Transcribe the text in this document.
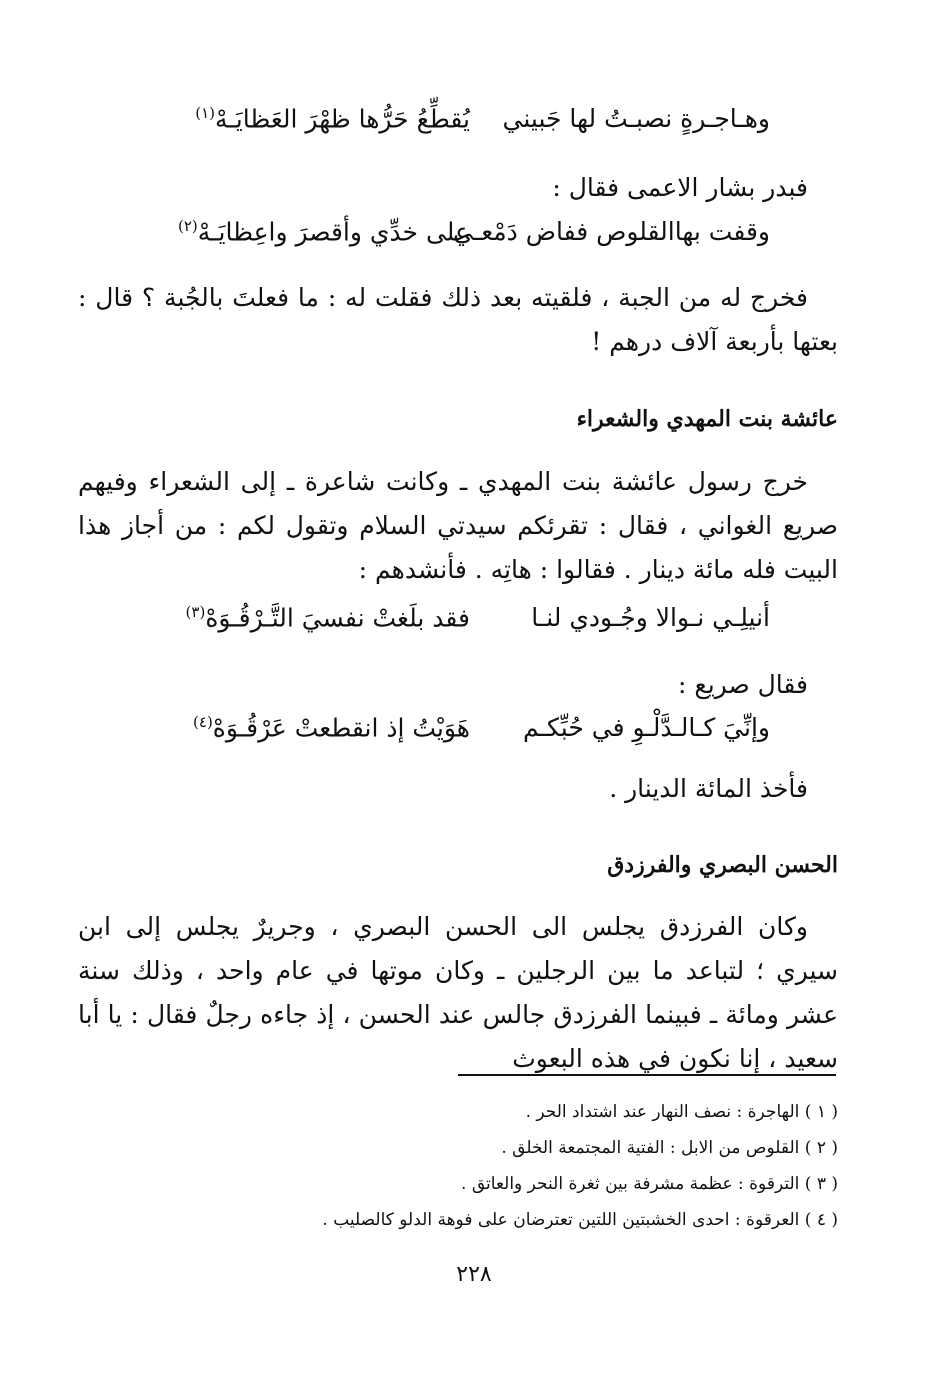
وهـاجـرةٍ نصبـتُ لها جَبيني
يُقطِّعُ حَرُّها ظهْرَ العَظايَـهْ$^{(١)}$
فبدر بشار الاعمى فقال :
وقفت بهاالقلوص ففاض دَمْعـي
على خدِّي وأقصرَ واعِظايَـهْ$^{(٢)}$
فخرج له من الجبة ، فلقيته بعد ذلك فقلت له : ما فعلتَ بالجُبة ؟ قال : بعتها بأربعة آلاف درهم !
عائشة بنت المهدي والشعراء
خرج رسول عائشة بنت المهدي ـ وكانت شاعرة ـ إلى الشعراء وفيهم صريع الغواني ، فقال : تقرئكم سيدتي السلام وتقول لكم : من أجاز هذا البيت فله مائة دينار . فقالوا : هاتِه . فأنشدهم :
أنيلِـي نـوالا وجُـودي لنـا
فقد بلَغتْ نفسيَ التَّـرْقُـوَهْ$^{(٣)}$
فقال صريع :
وإنِّيَ كـالـدَّلْـوِ في حُبِّكـم
هَوَيْتُ إذ انقطعتْ عَرْقُـوَهْ$^{(٤)}$
فأخذ المائة الدينار .
الحسن البصري والفرزدق
وكان الفرزدق يجلس الى الحسن البصري ، وجريرٌ يجلس إلى ابن سيري ؛ لتباعد ما بين الرجلين ـ وكان موتها في عام واحد ، وذلك سنة عشر ومائة ـ فبينما الفرزدق جالس عند الحسن ، إذ جاءه رجلٌ فقال : يا أبا سعيد ، إنا نكون في هذه البعوث
( ١ ) الهاجرة : نصف النهار عند اشتداد الحر .
( ٢ ) القلوص من الابل : الفتية المجتمعة الخلق .
( ٣ ) الترقوة : عظمة مشرفة بين ثغرة النحر والعاتق .
( ٤ ) العرقوة : احدى الخشبتين اللتين تعترضان على فوهة الدلو كالصليب .
٢٢٨
